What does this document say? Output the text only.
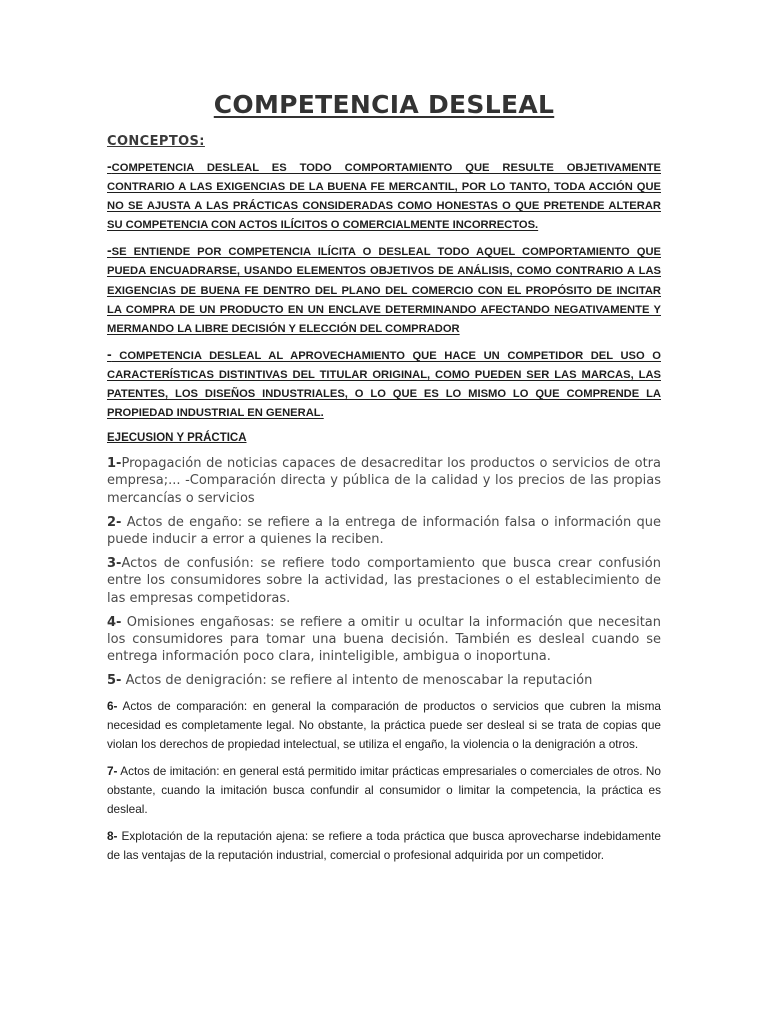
COMPETENCIA DESLEAL
CONCEPTOS:

-COMPETENCIA DESLEAL ES TODO COMPORTAMIENTO QUE RESULTE OBJETIVAMENTE CONTRARIO A LAS EXIGENCIAS DE LA BUENA FE MERCANTIL, POR LO TANTO, TODA ACCIÓN QUE NO SE AJUSTA A LAS PRÁCTICAS CONSIDERADAS COMO HONESTAS O QUE PRETENDE ALTERAR SU COMPETENCIA CON ACTOS ILÍCITOS O COMERCIALMENTE INCORRECTOS.

-SE ENTIENDE POR COMPETENCIA ILÍCITA O DESLEAL TODO AQUEL COMPORTAMIENTO QUE PUEDA ENCUADRARSE, USANDO ELEMENTOS OBJETIVOS DE ANÁLISIS, COMO CONTRARIO A LAS EXIGENCIAS DE BUENA FE DENTRO DEL PLANO DEL COMERCIO CON EL PROPÓSITO DE INCITAR LA COMPRA DE UN PRODUCTO EN UN ENCLAVE DETERMINANDO AFECTANDO NEGATIVAMENTE Y MERMANDO LA LIBRE DECISIÓN Y ELECCIÓN DEL COMPRADOR

- COMPETENCIA DESLEAL AL APROVECHAMIENTO QUE HACE UN COMPETIDOR DEL USO O CARACTERÍSTICAS DISTINTIVAS DEL TITULAR ORIGINAL, COMO PUEDEN SER LAS MARCAS, LAS PATENTES, LOS DISEÑOS INDUSTRIALES, O LO QUE ES LO MISMO LO QUE COMPRENDE LA PROPIEDAD INDUSTRIAL EN GENERAL.

EJECUSION Y PRÁCTICA

1-Propagación de noticias capaces de desacreditar los productos o servicios de otra empresa;... -Comparación directa y pública de la calidad y los precios de las propias mercancías o servicios

2- Actos de engaño: se refiere a la entrega de información falsa o información que puede inducir a error a quienes la reciben.

3-Actos de confusión: se refiere todo comportamiento que busca crear confusión entre los consumidores sobre la actividad, las prestaciones o el establecimiento de las empresas competidoras.

4- Omisiones engañosas: se refiere a omitir u ocultar la información que necesitan los consumidores para tomar una buena decisión. También es desleal cuando se entrega información poco clara, ininteligible, ambigua o inoportuna.

5- Actos de denigración: se refiere al intento de menoscabar la reputación

6- Actos de comparación: en general la comparación de productos o servicios que cubren la misma necesidad es completamente legal. No obstante, la práctica puede ser desleal si se trata de copias que violan los derechos de propiedad intelectual, se utiliza el engaño, la violencia o la denigración a otros.

7- Actos de imitación: en general está permitido imitar prácticas empresariales o comerciales de otros. No obstante, cuando la imitación busca confundir al consumidor o limitar la competencia, la práctica es desleal.

8- Explotación de la reputación ajena: se refiere a toda práctica que busca aprovecharse indebidamente de las ventajas de la reputación industrial, comercial o profesional adquirida por un competidor.
